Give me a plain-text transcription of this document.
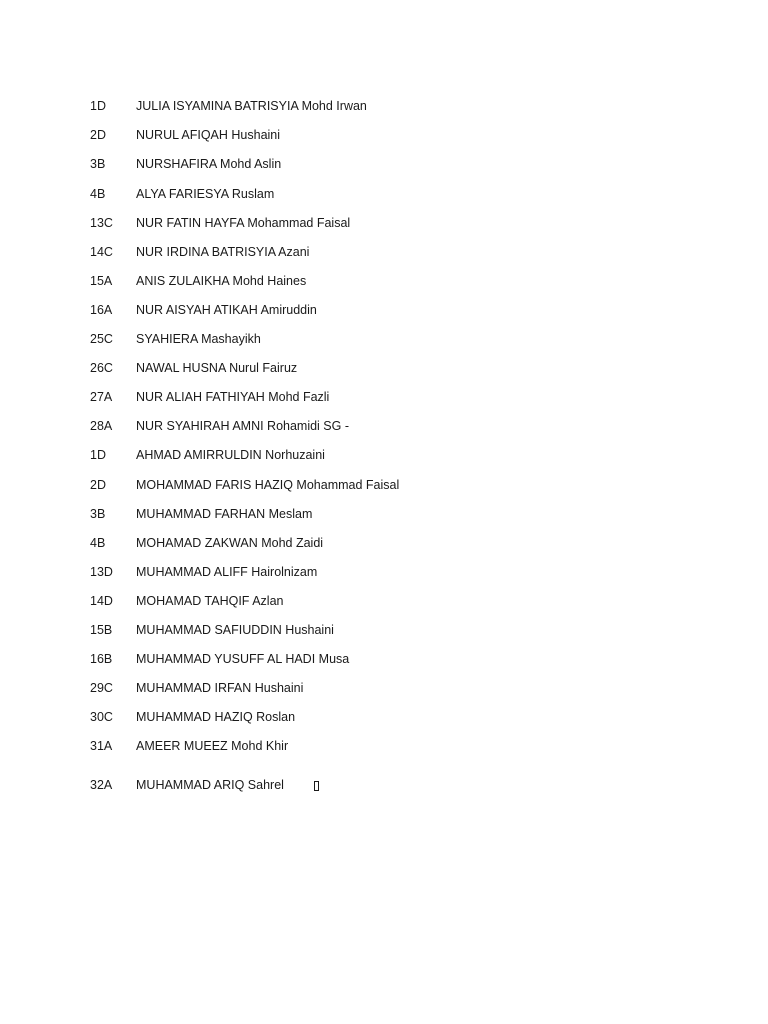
1D	JULIA ISYAMINA BATRISYIA Mohd Irwan
2D	NURUL AFIQAH Hushaini
3B	NURSHAFIRA Mohd Aslin
4B	ALYA FARIESYA Ruslam
13C	NUR FATIN HAYFA Mohammad Faisal
14C	NUR IRDINA BATRISYIA Azani
15A	ANIS ZULAIKHA Mohd Haines
16A	NUR AISYAH ATIKAH Amiruddin
25C	SYAHIERA Mashayikh
26C	NAWAL HUSNA Nurul Fairuz
27A	NUR ALIAH FATHIYAH Mohd Fazli
28A	NUR SYAHIRAH AMNI Rohamidi SG -
1D	AHMAD AMIRRULDIN Norhuzaini
2D	MOHAMMAD FARIS HAZIQ Mohammad Faisal
3B	MUHAMMAD FARHAN Meslam
4B	MOHAMAD ZAKWAN Mohd Zaidi
13D	MUHAMMAD ALIFF Hairolnizam
14D	MOHAMAD TAHQIF Azlan
15B	MUHAMMAD SAFIUDDIN Hushaini
16B	MUHAMMAD YUSUFF AL HADI Musa
29C	MUHAMMAD IRFAN Hushaini
30C	MUHAMMAD HAZIQ Roslan
31A	AMEER MUEEZ Mohd Khir
32A	MUHAMMAD ARIQ Sahrel
